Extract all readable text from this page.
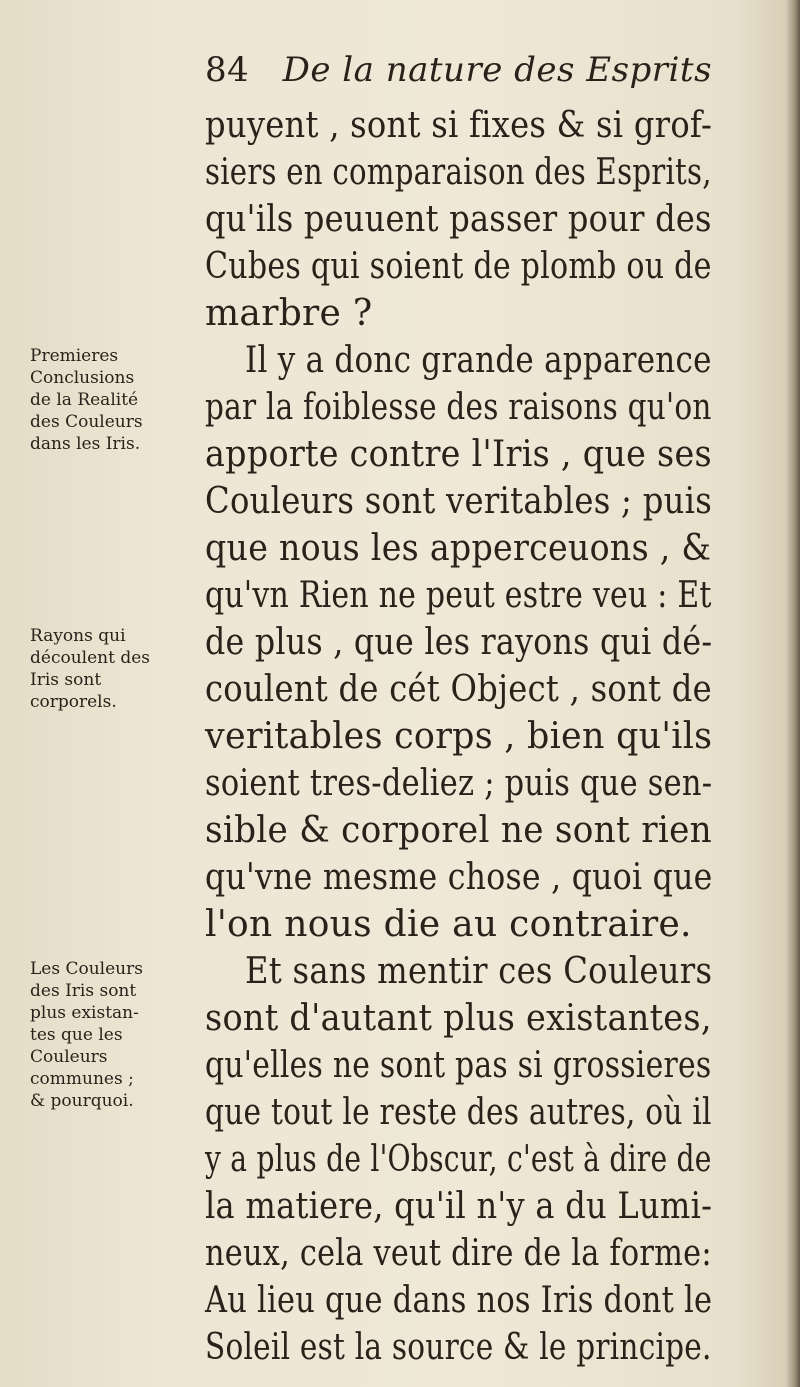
84 De la nature des Esprits
puyent , sont si fixes & si grof-
siers en comparaison des Esprits,
qu'ils peuuent passer pour des
Cubes qui soient de plomb ou de
marbre ?
Il y a donc grande apparence
par la foiblesse des raisons qu'on
apporte contre l'Iris , que ses
Couleurs sont veritables ; puis
que nous les apperceuons , &
qu'vn Rien ne peut estre veu : Et
de plus , que les rayons qui dé-
coulent de cét Object , sont de
veritables corps , bien qu'ils
soient tres-deliez ; puis que sen-
sible & corporel ne sont rien
qu'vne mesme chose , quoi que
l'on nous die au contraire.
Et sans mentir ces Couleurs
sont d'autant plus existantes,
qu'elles ne sont pas si grossieres
que tout le reste des autres, où il
y a plus de l'Obscur, c'est à dire de
la matiere, qu'il n'y a du Lumi-
neux, cela veut dire de la forme:
Au lieu que dans nos Iris dont le
Soleil est la source & le principe.
Premieres
Conclusions
de la Realité
des Couleurs
dans les Iris.
Rayons qui
découlent des
Iris sont
corporels.
Les Couleurs
des Iris sont
plus existan-
tes que les
Couleurs
communes ;
& pourquoi.
